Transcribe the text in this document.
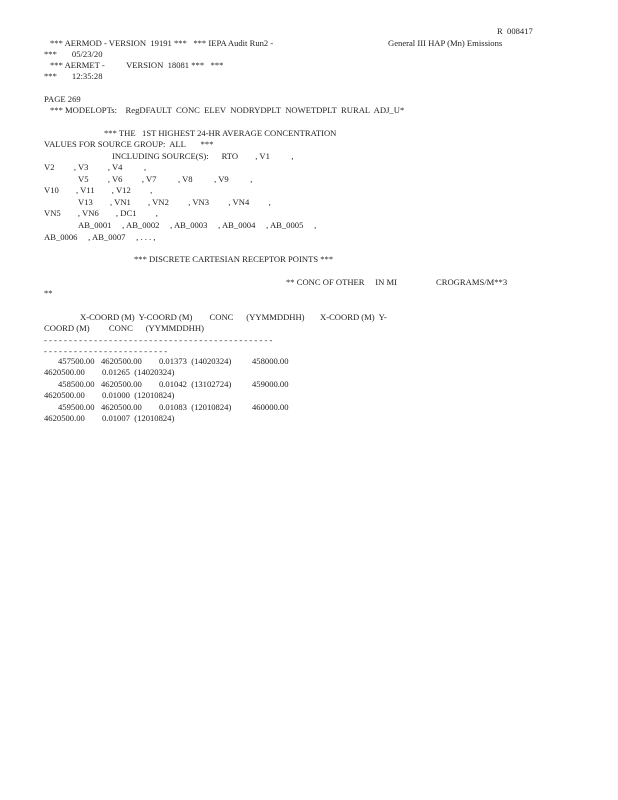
R  008417
*** AERMOD - VERSION  19191 ***   *** IEPA Audit Run2 -	General III HAP (Mn) Emissions
***       05/23/20
*** AERMET -          VERSION  18081 ***   ***
***       12:35:28
PAGE 269
*** MODELOPTs:    RegDFAULT  CONC  ELEV  NODRYDPLT  NOWETDPLT  RURAL  ADJ_U*
*** THE   1ST HIGHEST 24-HR AVERAGE CONCENTRATION
VALUES FOR SOURCE GROUP:  ALL       ***
INCLUDING SOURCE(S):      RTO        , V1          ,
V2         , V3         , V4          ,
V5         , V6         , V7          , V8          , V9          ,
V10        , V11        , V12         ,
V13        , VN1        , VN2         , VN3         , VN4         ,
VN5        , VN6        , DC1         ,
AB_0001     , AB_0002     , AB_0003     , AB_0004     , AB_0005     ,
AB_0006     , AB_0007     , . . . ,
*** DISCRETE CARTESIAN RECEPTOR POINTS ***
** CONC OF OTHER     IN MI	CROGRAMS/M**3
**
X-COORD (M)  Y-COORD (M)        CONC      (YYMMDDHH) X-COORD (M)  Y-
COORD (M)         CONC      (YYMMDDHH)
- - - - - - - - - - - - - - - - - - - - - - - - - - - - - - - - - - - - - - - - - - - - - -
- - - - - - - - - - - - - - - - - - - - - - - - -
457500.00   4620500.00        0.01373  (14020324) 458000.00
4620500.00        0.01265  (14020324)
458500.00   4620500.00        0.01042  (13102724) 459000.00
4620500.00        0.01000  (12010824)
459500.00   4620500.00        0.01083  (12010824) 460000.00
4620500.00        0.01007  (12010824)
